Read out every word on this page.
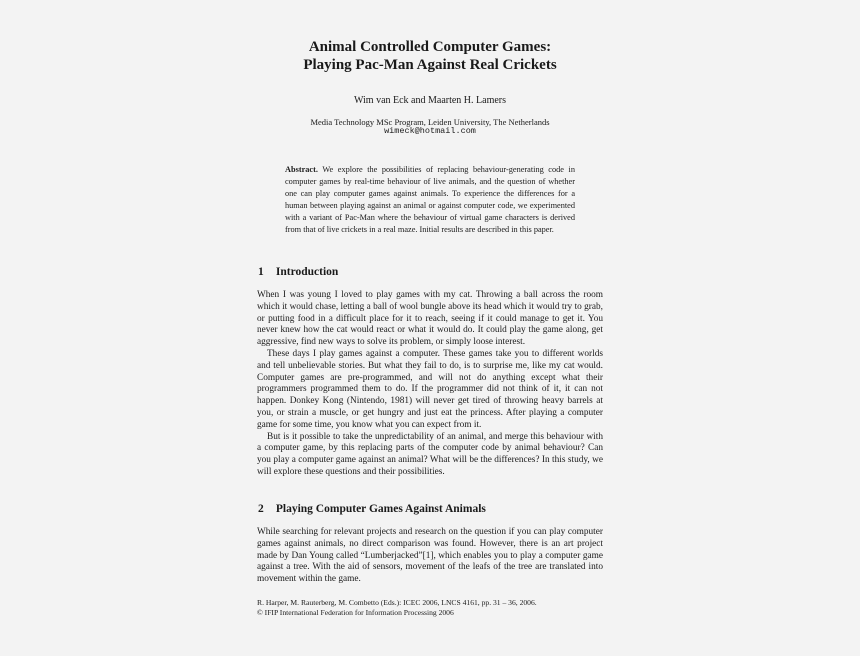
Animal Controlled Computer Games:
Playing Pac-Man Against Real Crickets
Wim van Eck and Maarten H. Lamers
Media Technology MSc Program, Leiden University, The Netherlands
wimeck@hotmail.com
Abstract. We explore the possibilities of replacing behaviour-generating code in computer games by real-time behaviour of live animals, and the question of whether one can play computer games against animals. To experience the differences for a human between playing against an animal or against computer code, we experimented with a variant of Pac-Man where the behaviour of virtual game characters is derived from that of live crickets in a real maze. Initial results are described in this paper.
1 Introduction

When I was young I loved to play games with my cat. Throwing a ball across the room which it would chase, letting a ball of wool bungle above its head which it would try to grab, or putting food in a difficult place for it to reach, seeing if it could manage to get it. You never knew how the cat would react or what it would do. It could play the game along, get aggressive, find new ways to solve its problem, or simply loose interest.

These days I play games against a computer. These games take you to different worlds and tell unbelievable stories. But what they fail to do, is to surprise me, like my cat would. Computer games are pre-programmed, and will not do anything except what their programmers programmed them to do. If the programmer did not think of it, it can not happen. Donkey Kong (Nintendo, 1981) will never get tired of throwing heavy barrels at you, or strain a muscle, or get hungry and just eat the princess. After playing a computer game for some time, you know what you can expect from it.

But is it possible to take the unpredictability of an animal, and merge this behaviour with a computer game, by this replacing parts of the computer code by animal behaviour? Can you play a computer game against an animal? What will be the differences? In this study, we will explore these questions and their possibilities.

2 Playing Computer Games Against Animals

While searching for relevant projects and research on the question if you can play computer games against animals, no direct comparison was found. However, there is an art project made by Dan Young called “Lumberjacked”[1], which enables you to play a computer game against a tree. With the aid of sensors, movement of the leafs of the tree are translated into movement within the game.

R. Harper, M. Rauterberg, M. Combetto (Eds.): ICEC 2006, LNCS 4161, pp. 31 – 36, 2006.
© IFIP International Federation for Information Processing 2006
